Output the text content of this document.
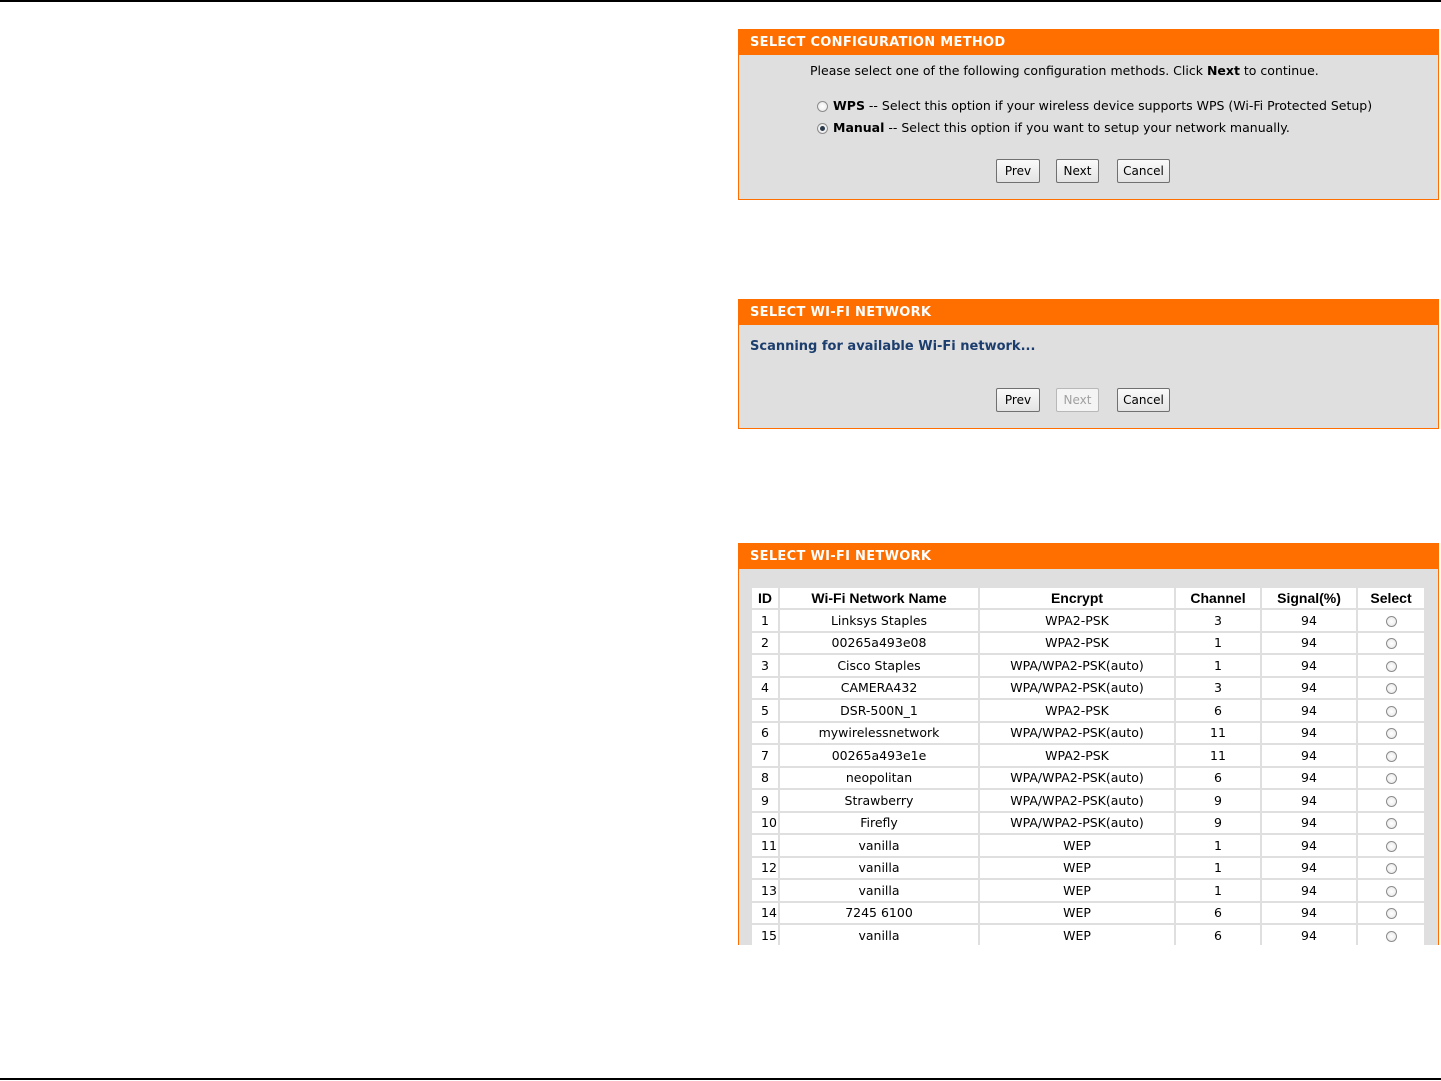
SELECT CONFIGURATION METHOD
Please select one of the following configuration methods. Click Next to continue.
WPS -- Select this option if your wireless device supports WPS (Wi-Fi Protected Setup)
Manual -- Select this option if you want to setup your network manually.
Prev	Next	Cancel
SELECT WI-FI NETWORK
Scanning for available Wi-Fi network...
Prev	Next	Cancel
SELECT WI-FI NETWORK
ID	Wi-Fi Network Name	Encrypt	Channel	Signal(%)	Select
1	Linksys Staples	WPA2-PSK	3	94	
2	00265a493e08	WPA2-PSK	1	94	
3	Cisco Staples	WPA/WPA2-PSK(auto)	1	94	
4	CAMERA432	WPA/WPA2-PSK(auto)	3	94	
5	DSR-500N_1	WPA2-PSK	6	94	
6	mywirelessnetwork	WPA/WPA2-PSK(auto)	11	94	
7	00265a493e1e	WPA2-PSK	11	94	
8	neopolitan	WPA/WPA2-PSK(auto)	6	94	
9	Strawberry	WPA/WPA2-PSK(auto)	9	94	
10	Firefly	WPA/WPA2-PSK(auto)	9	94	
11	vanilla	WEP	1	94	
12	vanilla	WEP	1	94	
13	vanilla	WEP	1	94	
14	7245 6100	WEP	6	94	
15	vanilla	WEP	6	94	
